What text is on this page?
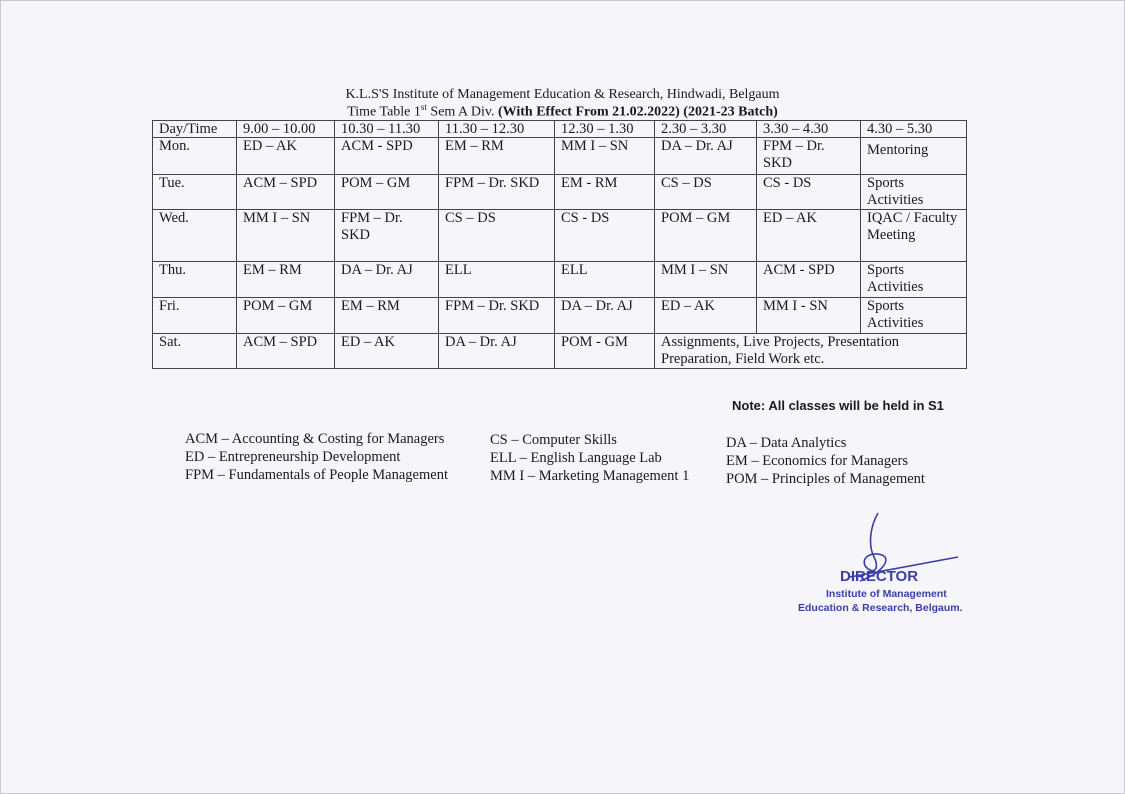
K.L.S'S Institute of Management Education & Research, Hindwadi, Belgaum
Time Table 1st Sem A Div. (With Effect From 21.02.2022) (2021-23 Batch)
Day/Time	9.00 – 10.00	10.30 – 11.30	11.30 – 12.30	12.30 – 1.30	2.30 – 3.30	3.30 – 4.30	4.30 – 5.30
Mon.	ED – AK	ACM - SPD	EM – RM	MM I – SN	DA – Dr. AJ	FPM – Dr. SKD	Mentoring
Tue.	ACM – SPD	POM – GM	FPM – Dr. SKD	EM - RM	CS – DS	CS - DS	Sports Activities
Wed.	MM I – SN	FPM – Dr. SKD	CS – DS	CS - DS	POM – GM	ED – AK	IQAC / Faculty Meeting
Thu.	EM – RM	DA – Dr. AJ	ELL	ELL	MM I – SN	ACM - SPD	Sports Activities
Fri.	POM – GM	EM – RM	FPM – Dr. SKD	DA – Dr. AJ	ED – AK	MM I - SN	Sports Activities
Sat.	ACM – SPD	ED – AK	DA – Dr. AJ	POM - GM	Assignments, Live Projects, Presentation Preparation, Field Work etc.		
Note: All classes will be held in S1
ACM – Accounting & Costing for Managers
ED – Entrepreneurship Development
FPM – Fundamentals of People Management
CS – Computer Skills
ELL – English Language Lab
MM I – Marketing Management 1
DA – Data Analytics
EM – Economics for Managers
POM – Principles of Management
DIRECTOR
Institute of Management
Education & Research, Belgaum.
